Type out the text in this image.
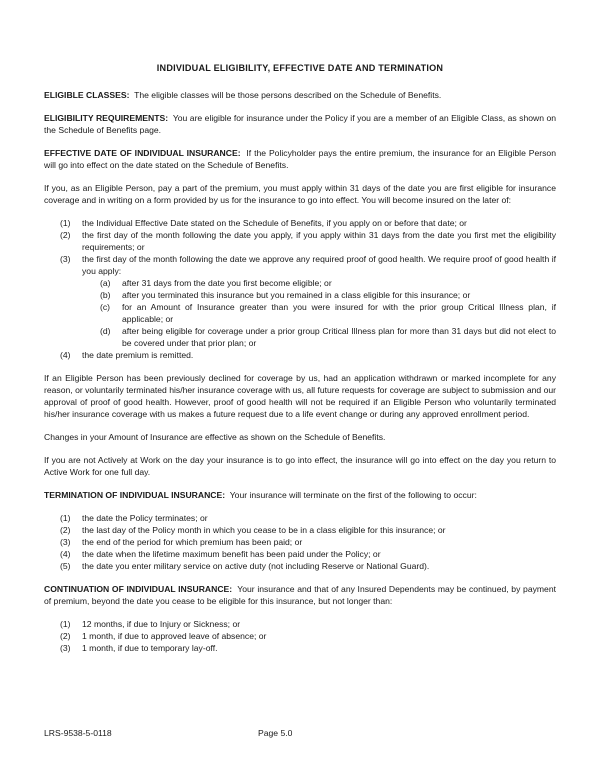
INDIVIDUAL ELIGIBILITY, EFFECTIVE DATE AND TERMINATION

ELIGIBLE CLASSES: The eligible classes will be those persons described on the Schedule of Benefits.

ELIGIBILITY REQUIREMENTS: You are eligible for insurance under the Policy if you are a member of an Eligible Class, as shown on the Schedule of Benefits page.

EFFECTIVE DATE OF INDIVIDUAL INSURANCE: If the Policyholder pays the entire premium, the insurance for an Eligible Person will go into effect on the date stated on the Schedule of Benefits.

If you, as an Eligible Person, pay a part of the premium, you must apply within 31 days of the date you are first eligible for insurance coverage and in writing on a form provided by us for the insurance to go into effect. You will become insured on the later of:

(1)	the Individual Effective Date stated on the Schedule of Benefits, if you apply on or before that date; or
(2)	the first day of the month following the date you apply, if you apply within 31 days from the date you first met the eligibility requirements; or
(3)	the first day of the month following the date we approve any required proof of good health. We require proof of good health if you apply:
(a)	after 31 days from the date you first become eligible; or
(b)	after you terminated this insurance but you remained in a class eligible for this insurance; or
(c)	for an Amount of Insurance greater than you were insured for with the prior group Critical Illness plan, if applicable; or
(d)	after being eligible for coverage under a prior group Critical Illness plan for more than 31 days but did not elect to be covered under that prior plan; or
(4)	the date premium is remitted.

If an Eligible Person has been previously declined for coverage by us, had an application withdrawn or marked incomplete for any reason, or voluntarily terminated his/her insurance coverage with us, all future requests for coverage are subject to submission and our approval of proof of good health. However, proof of good health will not be required if an Eligible Person who voluntarily terminated his/her insurance coverage with us makes a future request due to a life event change or during any approved enrollment period.

Changes in your Amount of Insurance are effective as shown on the Schedule of Benefits.

If you are not Actively at Work on the day your insurance is to go into effect, the insurance will go into effect on the day you return to Active Work for one full day.

TERMINATION OF INDIVIDUAL INSURANCE: Your insurance will terminate on the first of the following to occur:

(1)	the date the Policy terminates; or
(2)	the last day of the Policy month in which you cease to be in a class eligible for this insurance; or
(3)	the end of the period for which premium has been paid; or
(4)	the date when the lifetime maximum benefit has been paid under the Policy; or
(5)	the date you enter military service on active duty (not including Reserve or National Guard).

CONTINUATION OF INDIVIDUAL INSURANCE: Your insurance and that of any Insured Dependents may be continued, by payment of premium, beyond the date you cease to be eligible for this insurance, but not longer than:

(1)	12 months, if due to Injury or Sickness; or
(2)	1 month, if due to approved leave of absence; or
(3)	1 month, if due to temporary lay-off.
LRS-9538-5-0118	Page 5.0
